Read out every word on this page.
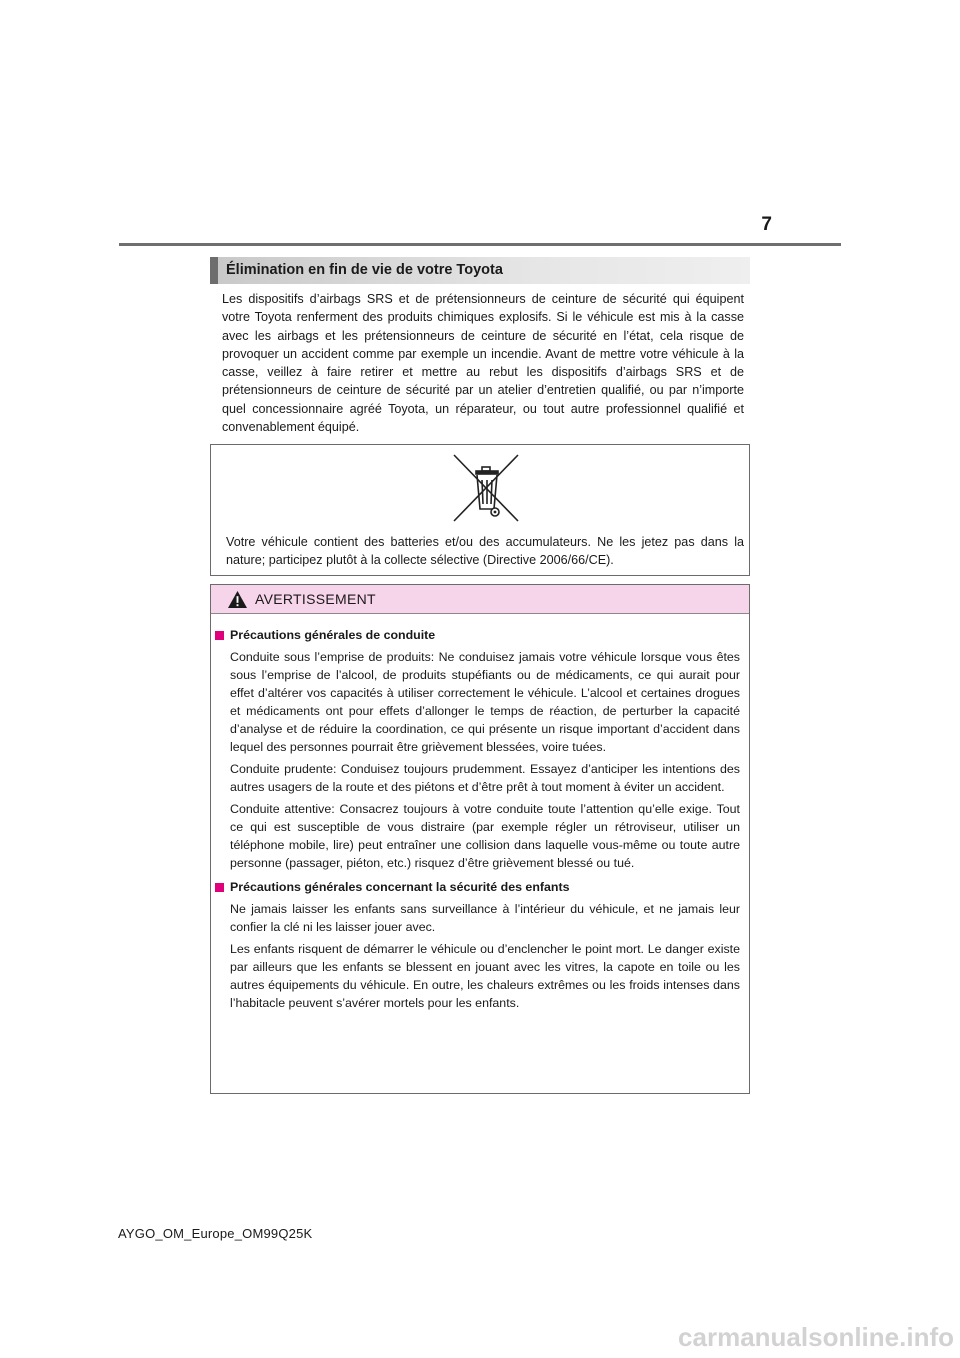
7
Élimination en fin de vie de votre Toyota

Les dispositifs d’airbags SRS et de prétensionneurs de ceinture de sécurité qui équipent votre Toyota renferment des produits chimiques explosifs. Si le véhicule est mis à la casse avec les airbags et les prétensionneurs de ceinture de sécurité en l’état, cela risque de provoquer un accident comme par exemple un incendie. Avant de mettre votre véhicule à la casse, veillez à faire retirer et mettre au rebut les dispositifs d’airbags SRS et de prétensionneurs de ceinture de sécurité par un atelier d’entretien qualifié, ou par n’importe quel concessionnaire agréé Toyota, un réparateur, ou tout autre professionnel qualifié et convenablement équipé.

Votre véhicule contient des batteries et/ou des accumulateurs. Ne les jetez pas dans la nature; participez plutôt à la collecte sélective (Directive 2006/66/CE).

AVERTISSEMENT

Précautions générales de conduite

Conduite sous l’emprise de produits: Ne conduisez jamais votre véhicule lorsque vous êtes sous l’emprise de l’alcool, de produits stupéfiants ou de médicaments, ce qui aurait pour effet d’altérer vos capacités à utiliser correctement le véhicule. L’alcool et certaines drogues et médicaments ont pour effets d’allonger le temps de réaction, de perturber la capacité d’analyse et de réduire la coordination, ce qui présente un risque important d’accident dans lequel des personnes pourrait être grièvement blessées, voire tuées.

Conduite prudente: Conduisez toujours prudemment. Essayez d’anticiper les intentions des autres usagers de la route et des piétons et d’être prêt à tout moment à éviter un accident.

Conduite attentive: Consacrez toujours à votre conduite toute l’attention qu’elle exige. Tout ce qui est susceptible de vous distraire (par exemple régler un rétroviseur, utiliser un téléphone mobile, lire) peut entraîner une collision dans laquelle vous-même ou toute autre personne (passager, piéton, etc.) risquez d’être grièvement blessé ou tué.

Précautions générales concernant la sécurité des enfants

Ne jamais laisser les enfants sans surveillance à l’intérieur du véhicule, et ne jamais leur confier la clé ni les laisser jouer avec.

Les enfants risquent de démarrer le véhicule ou d’enclencher le point mort. Le danger existe par ailleurs que les enfants se blessent en jouant avec les vitres, la capote en toile ou les autres équipements du véhicule. En outre, les chaleurs extrêmes ou les froids intenses dans l’habitacle peuvent s’avérer mortels pour les enfants.

AYGO_OM_Europe_OM99Q25K
carmanualsonline.info
